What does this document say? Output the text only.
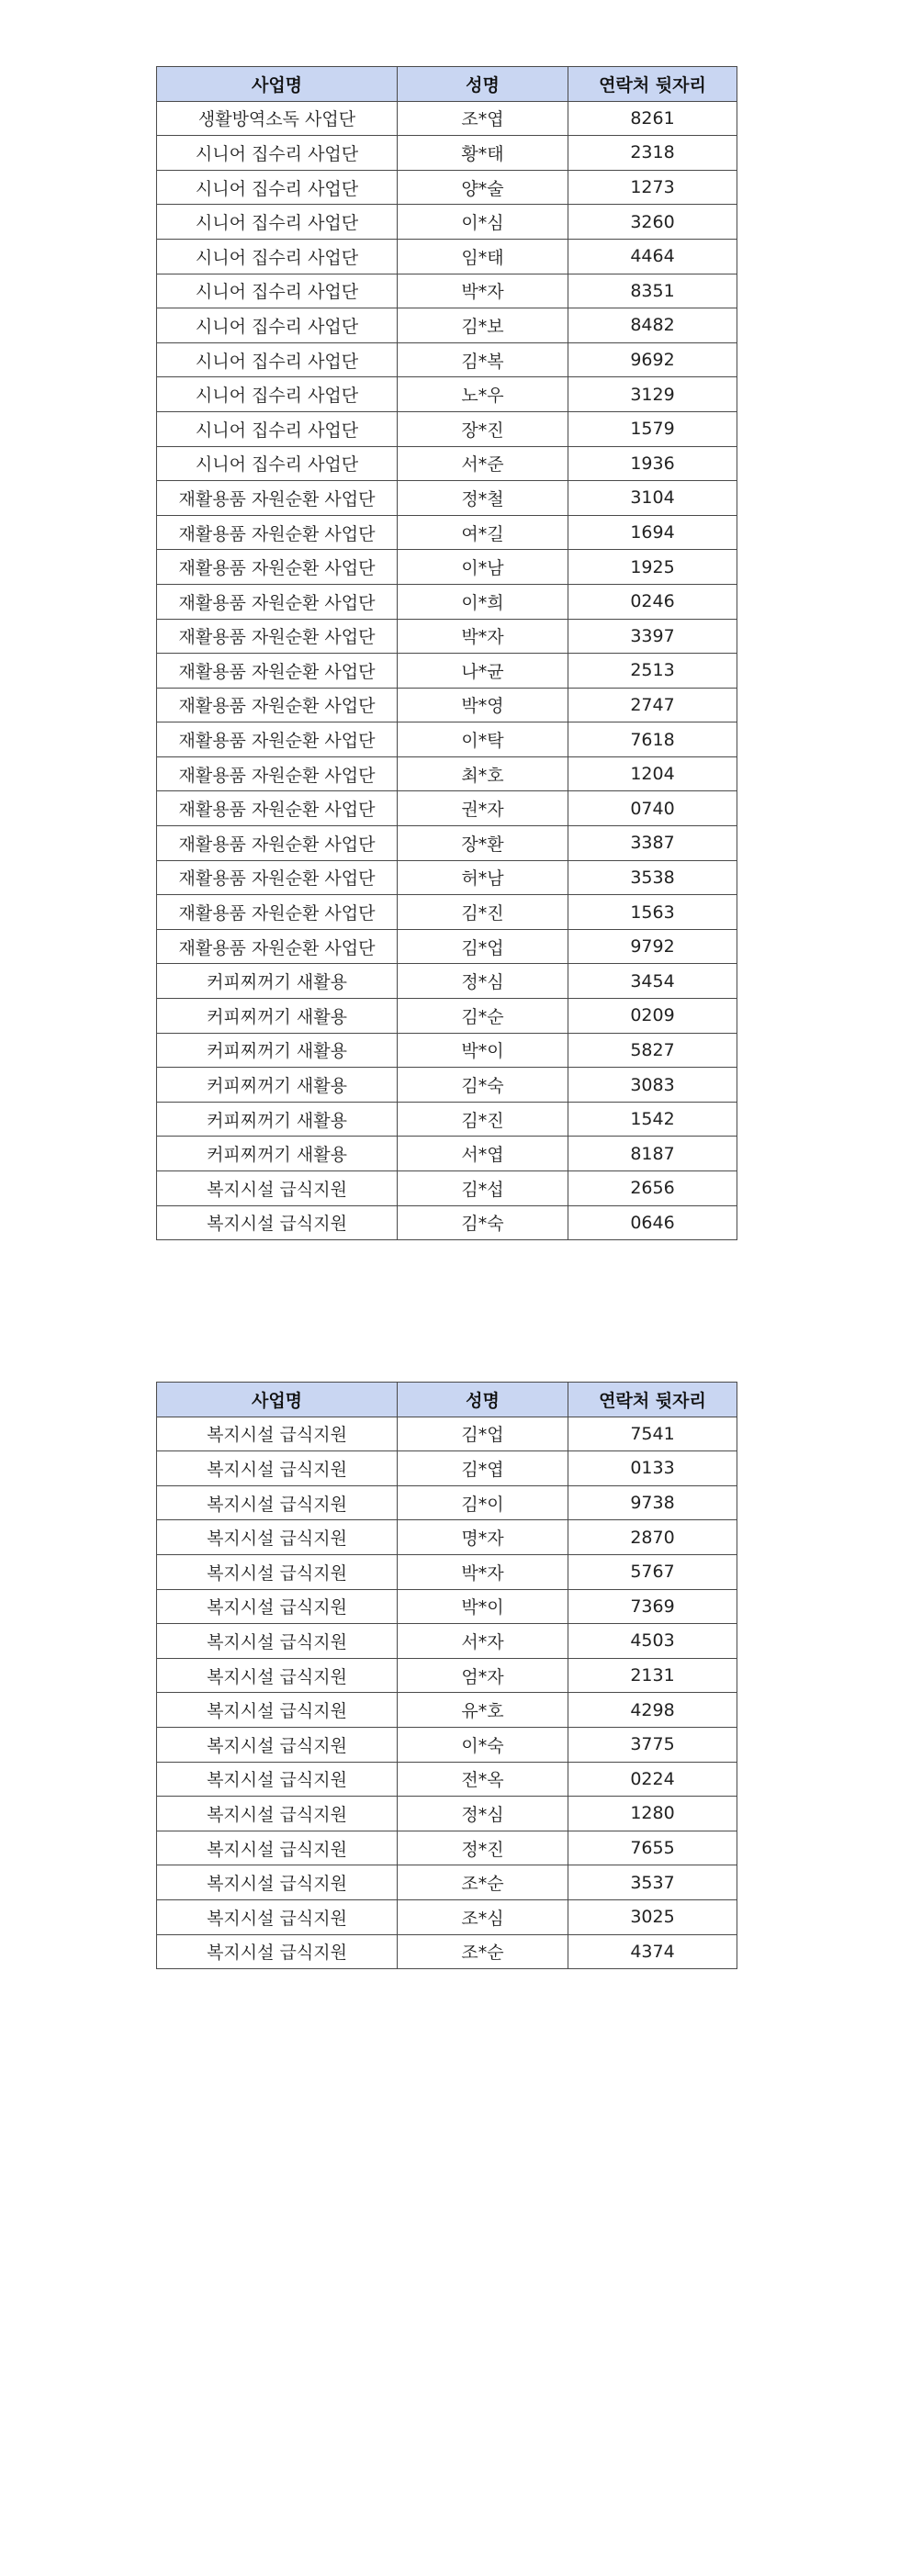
사업명	성명	연락처 뒷자리
생활방역소독 사업단	조*엽	8261
시니어 집수리 사업단	황*태	2318
시니어 집수리 사업단	양*술	1273
시니어 집수리 사업단	이*심	3260
시니어 집수리 사업단	임*태	4464
시니어 집수리 사업단	박*자	8351
시니어 집수리 사업단	김*보	8482
시니어 집수리 사업단	김*복	9692
시니어 집수리 사업단	노*우	3129
시니어 집수리 사업단	장*진	1579
시니어 집수리 사업단	서*준	1936
재활용품 자원순환 사업단	정*철	3104
재활용품 자원순환 사업단	여*길	1694
재활용품 자원순환 사업단	이*남	1925
재활용품 자원순환 사업단	이*희	0246
재활용품 자원순환 사업단	박*자	3397
재활용품 자원순환 사업단	나*균	2513
재활용품 자원순환 사업단	박*영	2747
재활용품 자원순환 사업단	이*탁	7618
재활용품 자원순환 사업단	최*호	1204
재활용품 자원순환 사업단	권*자	0740
재활용품 자원순환 사업단	장*환	3387
재활용품 자원순환 사업단	허*남	3538
재활용품 자원순환 사업단	김*진	1563
재활용품 자원순환 사업단	김*업	9792
커피찌꺼기 새활용	정*심	3454
커피찌꺼기 새활용	김*순	0209
커피찌꺼기 새활용	박*이	5827
커피찌꺼기 새활용	김*숙	3083
커피찌꺼기 새활용	김*진	1542
커피찌꺼기 새활용	서*엽	8187
복지시설 급식지원	김*섭	2656
복지시설 급식지원	김*숙	0646
사업명	성명	연락처 뒷자리
복지시설 급식지원	김*업	7541
복지시설 급식지원	김*엽	0133
복지시설 급식지원	김*이	9738
복지시설 급식지원	명*자	2870
복지시설 급식지원	박*자	5767
복지시설 급식지원	박*이	7369
복지시설 급식지원	서*자	4503
복지시설 급식지원	엄*자	2131
복지시설 급식지원	유*호	4298
복지시설 급식지원	이*숙	3775
복지시설 급식지원	전*옥	0224
복지시설 급식지원	정*심	1280
복지시설 급식지원	정*진	7655
복지시설 급식지원	조*순	3537
복지시설 급식지원	조*심	3025
복지시설 급식지원	조*순	4374
